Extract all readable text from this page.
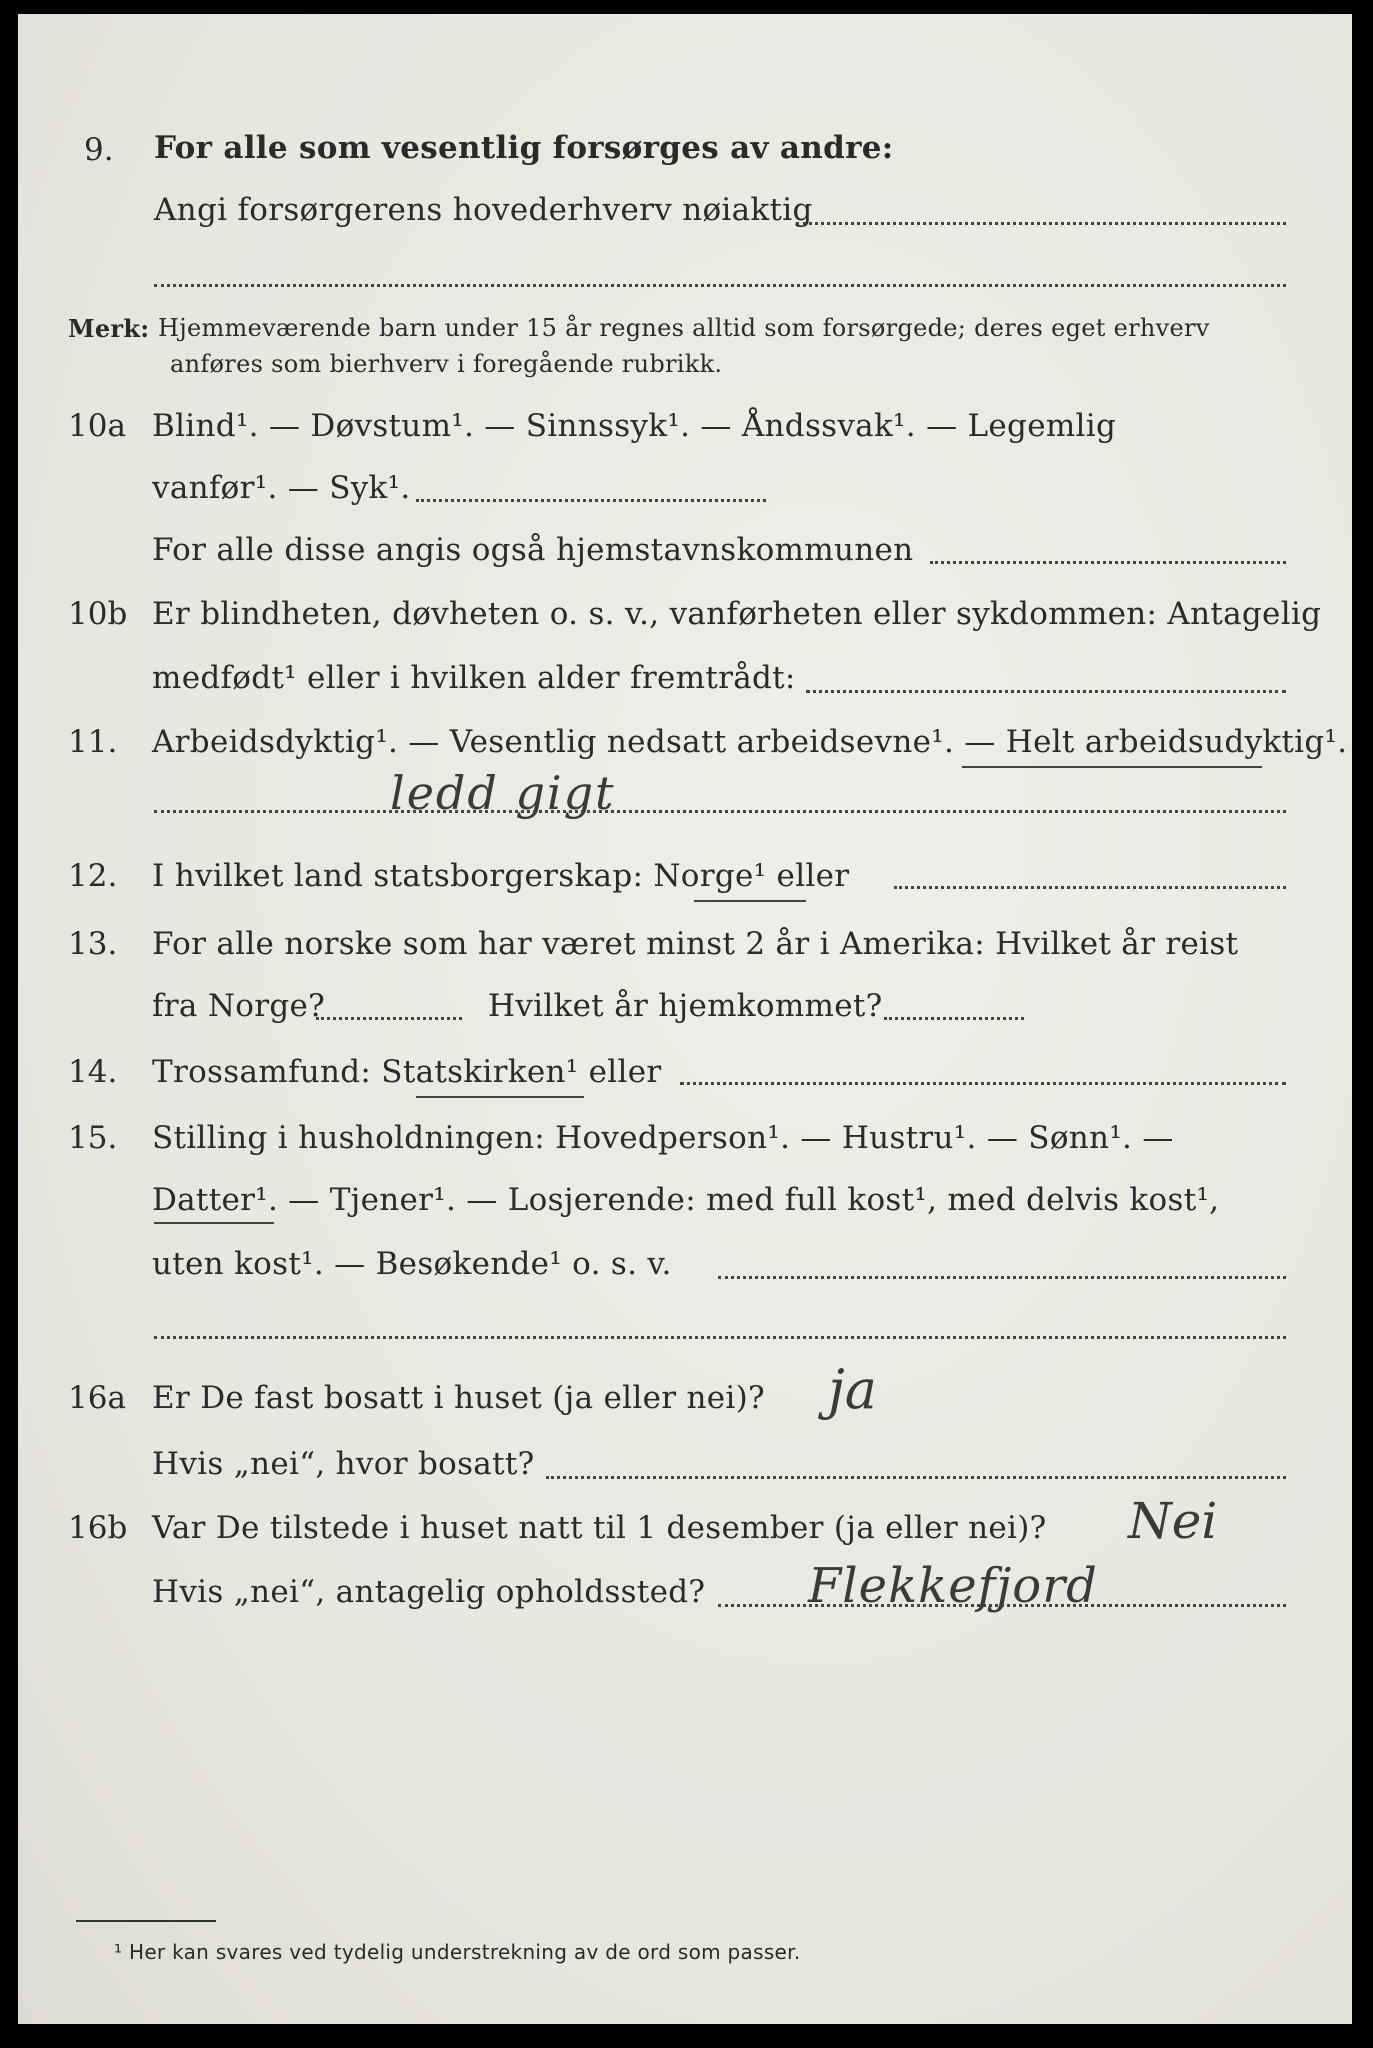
9. For alle som vesentlig forsørges av andre:
Angi forsørgerens hovederhverv nøiaktig
Merk: Hjemmeværende barn under 15 år regnes alltid som forsørgede; deres eget erhverv
anføres som bierhverv i foregående rubrikk.
10a Blind¹. — Døvstum¹. — Sinnssyk¹. — Åndssvak¹. — Legemlig
vanfør¹. — Syk¹.
For alle disse angis også hjemstavnskommunen
10b Er blindheten, døvheten o. s. v., vanførheten eller sykdommen: Antagelig
medfødt¹ eller i hvilken alder fremtrådt:
11. Arbeidsdyktig¹. — Vesentlig nedsatt arbeidsevne¹. — Helt arbeidsudyktig¹.
ledd gigt
12. I hvilket land statsborgerskap: Norge¹ eller
13. For alle norske som har været minst 2 år i Amerika: Hvilket år reist
fra Norge?	Hvilket år hjemkommet?
14. Trossamfund: Statskirken¹ eller
15. Stilling i husholdningen: Hovedperson¹. — Hustru¹. — Sønn¹. —
Datter¹. — Tjener¹. — Losjerende: med full kost¹, med delvis kost¹,
uten kost¹. — Besøkende¹ o. s. v.
16a Er De fast bosatt i huset (ja eller nei)? ja
Hvis „nei“, hvor bosatt?
16b Var De tilstede i huset natt til 1 desember (ja eller nei)? Nei
Hvis „nei“, antagelig opholdssted? Flekkefjord
¹ Her kan svares ved tydelig understrekning av de ord som passer.
